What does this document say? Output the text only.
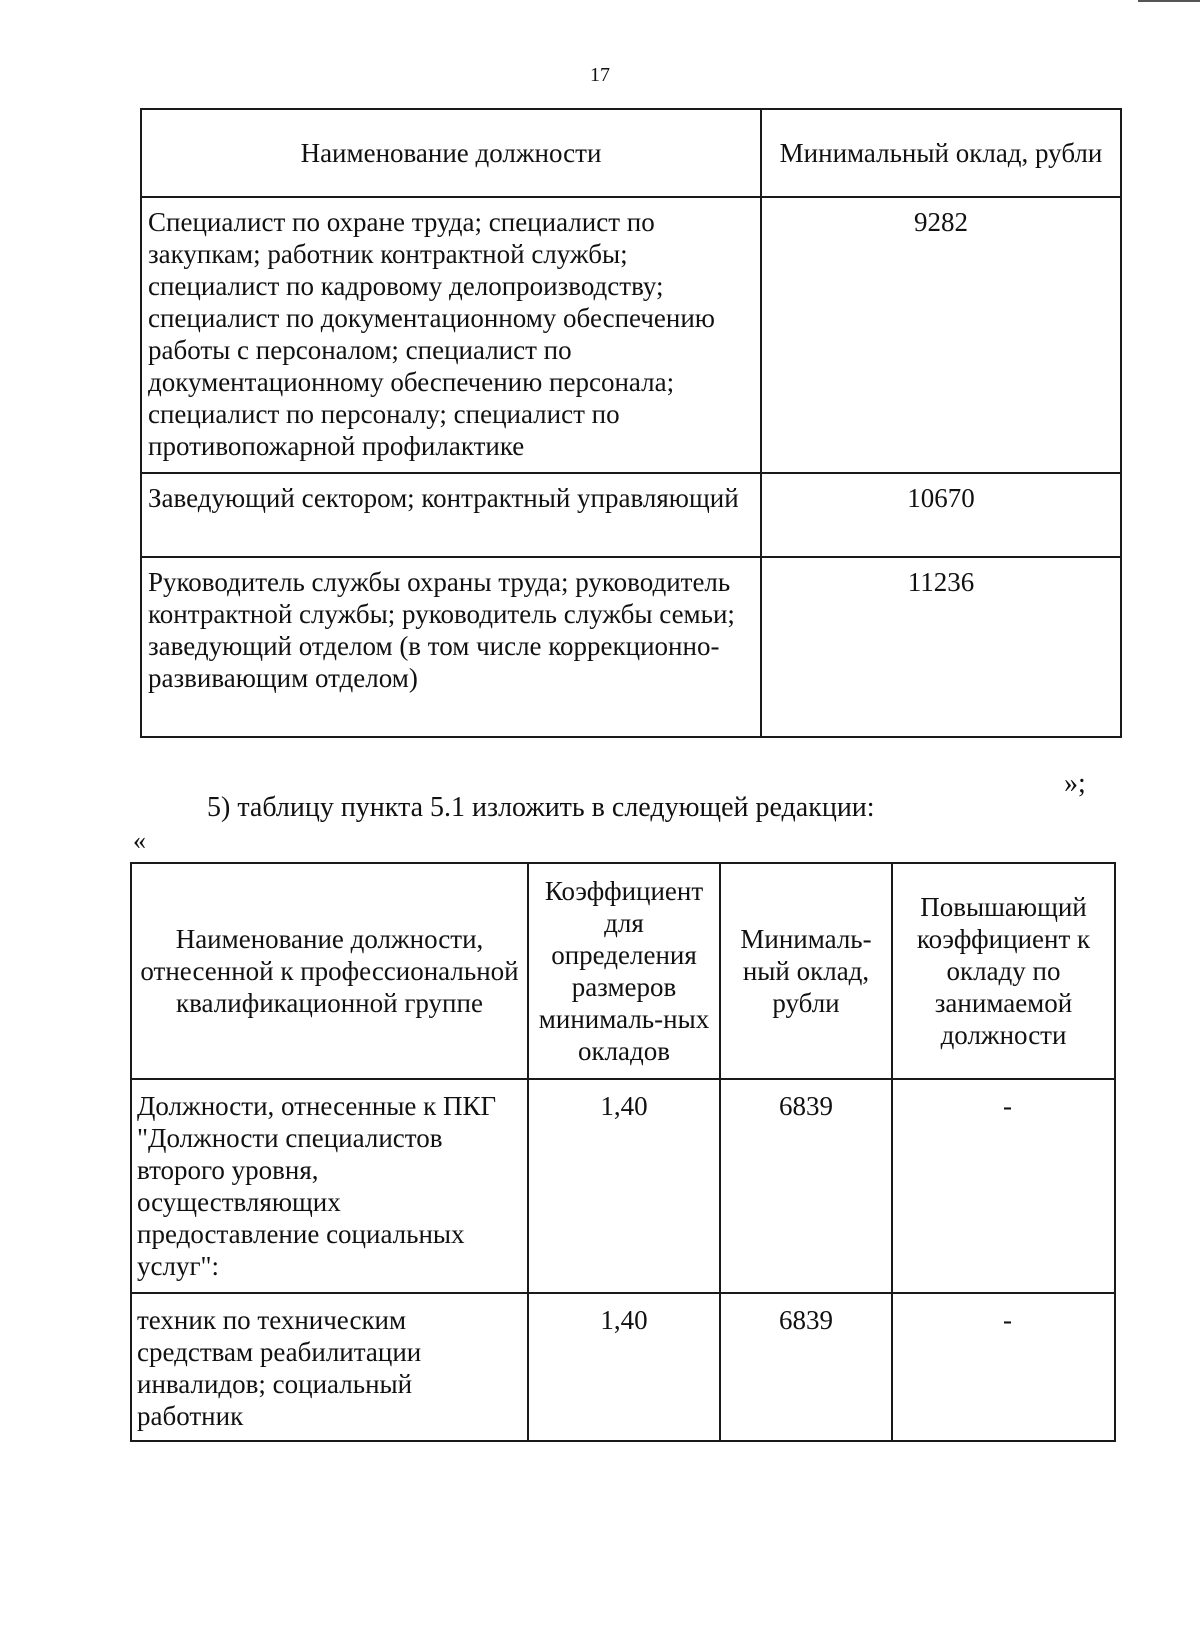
17
Наименование должности	Минимальный оклад, рубли
Специалист по охране труда; специалист по закупкам; работник контрактной службы; специалист по кадровому делопроизводству; специалист по документационному обеспечению работы с персоналом; специалист по документационному обеспечению персонала; специалист по персоналу; специалист по противопожарной профилактике	9282
Заведующий сектором; контрактный управляющий	10670
Руководитель службы охраны труда; руководитель контрактной службы; руководитель службы семьи; заведующий отделом (в том числе коррекционно-развивающим отделом)	11236
»;
5) таблицу пункта 5.1 изложить в следующей редакции:
«
Наименование должности, отнесенной к профессиональной квалификационной группе	Коэффициент для определения размеров минималь-ных окладов	Минималь-ный оклад, рубли	Повышающий коэффициент к окладу по занимаемой должности
Должности, отнесенные к ПКГ "Должности специалистов второго уровня, осуществляющих предоставление социальных услуг":	1,40	6839	-
техник по техническим средствам реабилитации инвалидов; социальный работник	1,40	6839	-
